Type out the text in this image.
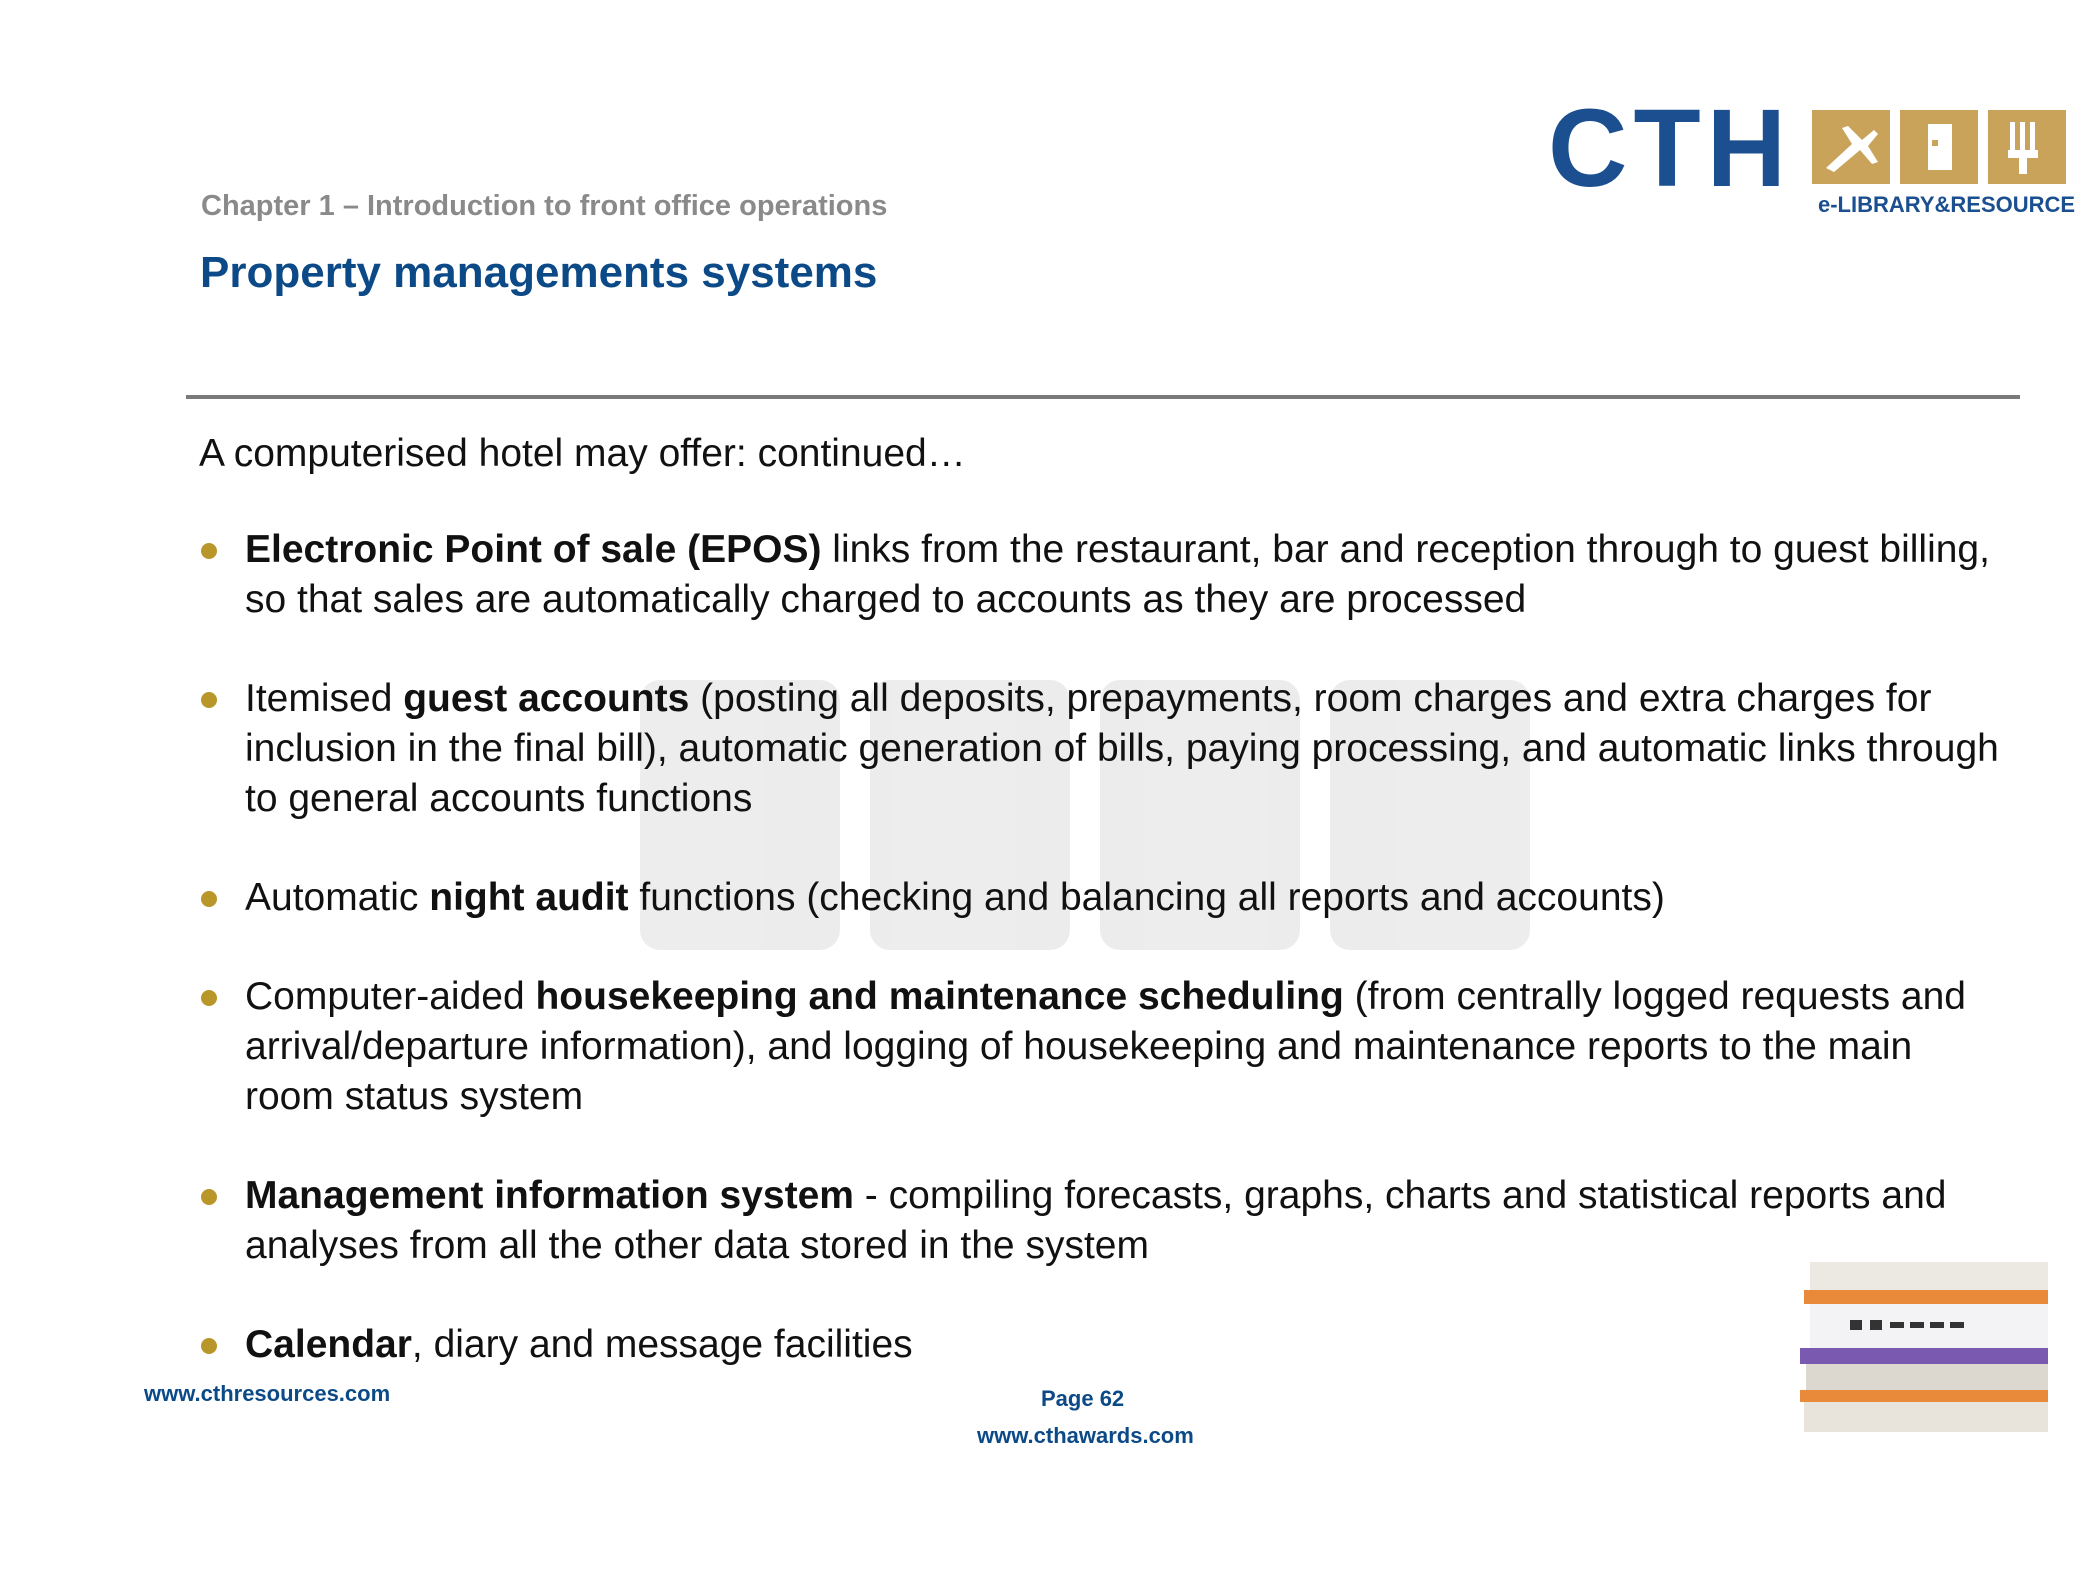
Chapter 1 – Introduction to front office operations
Property managements systems
CTH e-LIBRARY&RESOURCE
A computerised hotel may offer: continued…
Electronic Point of sale (EPOS) links from the restaurant, bar and reception through to guest billing, so that sales are automatically charged to accounts as they are processed
Itemised guest accounts (posting all deposits, prepayments, room charges and extra charges for inclusion in the final bill), automatic generation of bills, paying processing, and automatic links through to general accounts functions
Automatic night audit functions (checking and balancing all reports and accounts)
Computer-aided housekeeping and maintenance scheduling (from centrally logged requests and arrival/departure information), and logging of housekeeping and maintenance reports to the main room status system
Management information system - compiling forecasts, graphs, charts and statistical reports and analyses from all the other data stored in the system
Calendar, diary and message facilities
www.cthresources.com	Page 62
www.cthawards.com
